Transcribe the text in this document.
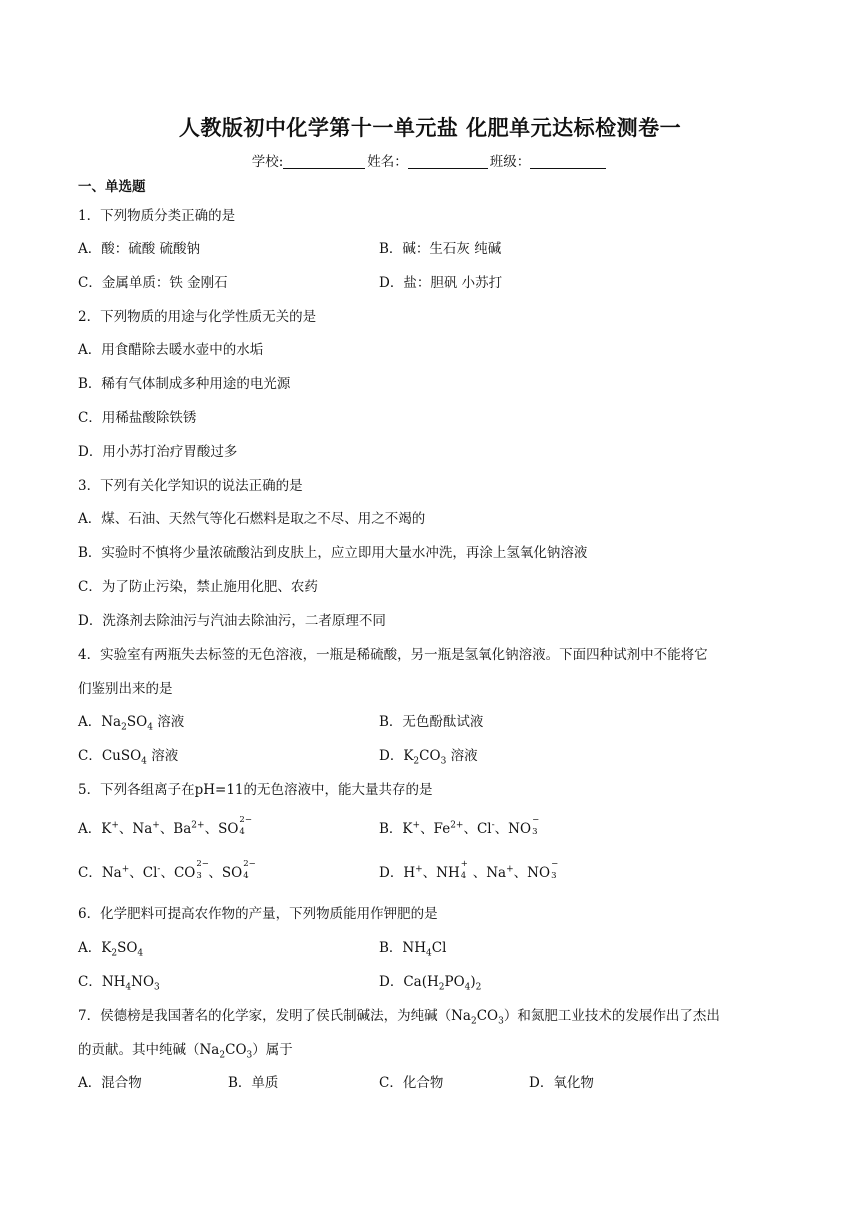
人教版初中化学第十一单元盐 化肥单元达标检测卷一
学校:	姓名：	班级：
一、单选题
1．下列物质分类正确的是
A．酸：硫酸 硫酸钠	B．碱：生石灰 纯碱
C．金属单质：铁 金刚石	D．盐：胆矾 小苏打
2．下列物质的用途与化学性质无关的是
A．用食醋除去暖水壶中的水垢
B．稀有气体制成多种用途的电光源
C．用稀盐酸除铁锈
D．用小苏打治疗胃酸过多
3．下列有关化学知识的说法正确的是
A．煤、石油、天然气等化石燃料是取之不尽、用之不竭的
B．实验时不慎将少量浓硫酸沾到皮肤上，应立即用大量水冲洗，再涂上氢氧化钠溶液
C．为了防止污染，禁止施用化肥、农药
D．洗涤剂去除油污与汽油去除油污，二者原理不同
4．实验室有两瓶失去标签的无色溶液，一瓶是稀硫酸，另一瓶是氢氧化钠溶液。下面四种试剂中不能将它
们鉴别出来的是
A．$Na_2SO_4$ 溶液	B．无色酚酞试液
C．CuSO$_4$ 溶液	D．$K_2CO_3$ 溶液
5．下列各组离子在pH=11的无色溶液中，能大量共存的是
A．K+、Na+、$Ba^{2+}$、SO
2−
4	B．K+、$Fe^{2+}$、Cl-、NO
−
3
C．Na+、Cl-、CO
2−
3 、SO
2−
4	D．H+、NH
+
4 、Na+、NO
−
3
6．化学肥料可提高农作物的产量，下列物质能用作钾肥的是
A．$K_2SO_4$	B．$NH_4Cl$
C．$NH_4NO_3$	D．$Ca(H_2PO_4)_2$
7．侯德榜是我国著名的化学家，发明了侯氏制碱法，为纯碱$(Na_2CO_3)$和氮肥工业技术的发展作出了杰出
的贡献。其中纯碱$(Na_2CO_3)$属于
A．混合物	B．单质	C．化合物	D．氧化物
